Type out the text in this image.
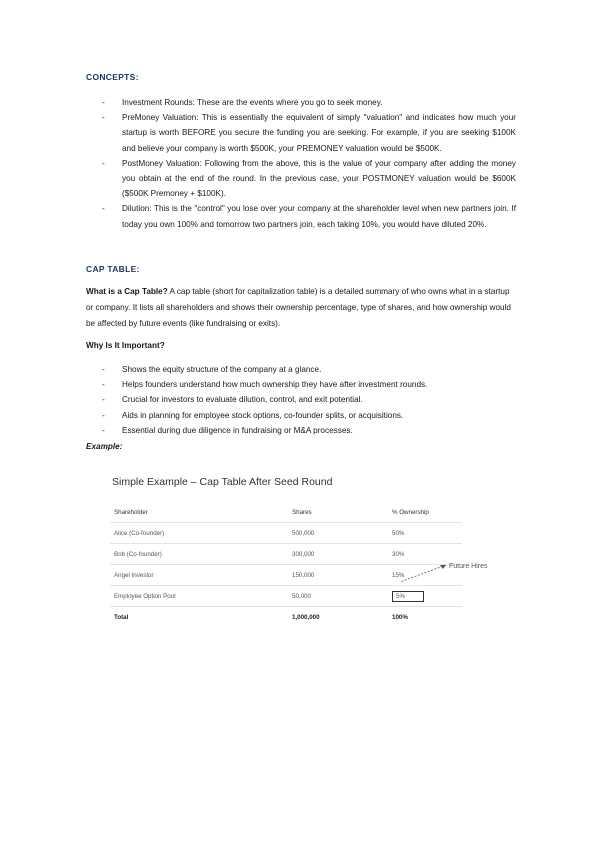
CONCEPTS:
- Investment Rounds: These are the events where you go to seek money.
- PreMoney Valuation: This is essentially the equivalent of simply "valuation" and indicates how much your startup is worth BEFORE you secure the funding you are seeking. For example, if you are seeking $100K and believe your company is worth $500K, your PREMONEY valuation would be $500K.
- PostMoney Valuation: Following from the above, this is the value of your company after adding the money you obtain at the end of the round. In the previous case, your POSTMONEY valuation would be $600K ($500K Premoney + $100K).
- Dilution: This is the "control" you lose over your company at the shareholder level when new partners join. If today you own 100% and tomorrow two partners join, each taking 10%, you would have diluted 20%.
CAP TABLE:
What is a Cap Table? A cap table (short for capitalization table) is a detailed summary of who owns what in a startup or company. It lists all shareholders and shows their ownership percentage, type of shares, and how ownership would be affected by future events (like fundraising or exits).
Why Is It Important?
- Shows the equity structure of the company at a glance.
- Helps founders understand how much ownership they have after investment rounds.
- Crucial for investors to evaluate dilution, control, and exit potential.
- Aids in planning for employee stock options, co-founder splits, or acquisitions.
- Essential during due diligence in fundraising or M&A processes.
Example:
Simple Example – Cap Table After Seed Round
Shareholder	Shares	% Ownership
Alice (Co-founder)	500,000	50%
Bob (Co-founder)	300,000	30%
Angel Investor	150,000	15%
Employee Option Pool	50,000	5%
Total	1,000,000	100%
Future Hires
